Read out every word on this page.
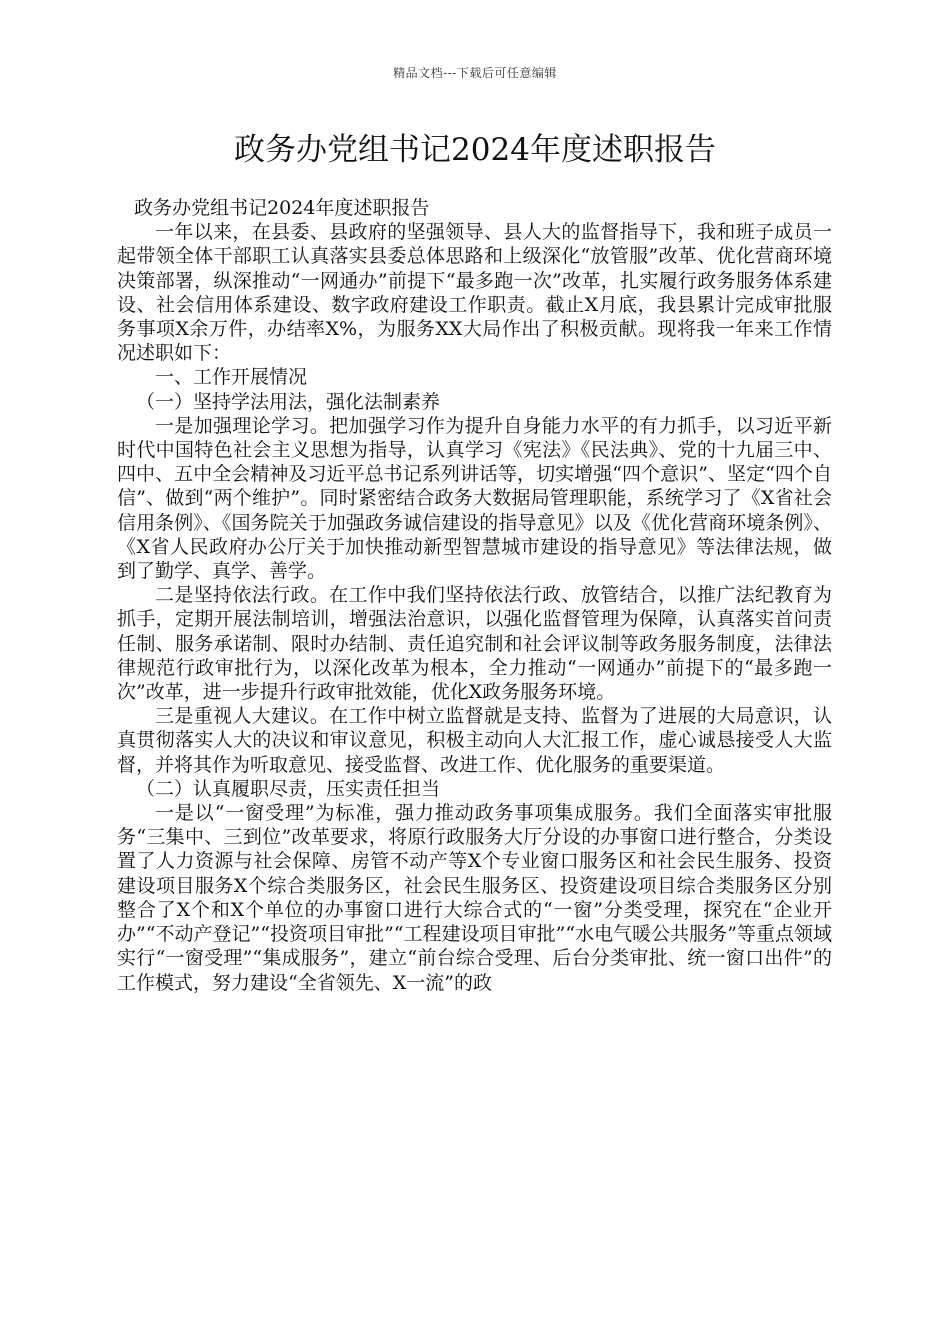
精品文档---下载后可任意编辑
政务办党组书记2024年度述职报告

政务办党组书记2024年度述职报告

一年以来，在县委、县政府的坚强领导、县人大的监督指导下，我和班子成员一起带领全体干部职工认真落实县委总体思路和上级深化“放管服”改革、优化营商环境决策部署，纵深推动“一网通办”前提下“最多跑一次”改革，扎实履行政务服务体系建设、社会信用体系建设、数字政府建设工作职责。截止X月底，我县累计完成审批服务事项X余万件，办结率X%，为服务XX大局作出了积极贡献。现将我一年来工作情况述职如下：

一、工作开展情况

（一）坚持学法用法，强化法制素养

一是加强理论学习。把加强学习作为提升自身能力水平的有力抓手，以习近平新时代中国特色社会主义思想为指导，认真学习《宪法》《民法典》、党的十九届三中、四中、五中全会精神及习近平总书记系列讲话等，切实增强“四个意识”、坚定“四个自信”、做到“两个维护”。同时紧密结合政务大数据局管理职能，系统学习了《X省社会信用条例》、《国务院关于加强政务诚信建设的指导意见》以及《优化营商环境条例》、《X省人民政府办公厅关于加快推动新型智慧城市建设的指导意见》等法律法规，做到了勤学、真学、善学。

二是坚持依法行政。在工作中我们坚持依法行政、放管结合，以推广法纪教育为抓手，定期开展法制培训，增强法治意识，以强化监督管理为保障，认真落实首问责任制、服务承诺制、限时办结制、责任追究制和社会评议制等政务服务制度，法律法律规范行政审批行为，以深化改革为根本，全力推动“一网通办”前提下的“最多跑一次”改革，进一步提升行政审批效能，优化X政务服务环境。

三是重视人大建议。在工作中树立监督就是支持、监督为了进展的大局意识，认真贯彻落实人大的决议和审议意见，积极主动向人大汇报工作，虚心诚恳接受人大监督，并将其作为听取意见、接受监督、改进工作、优化服务的重要渠道。

（二）认真履职尽责，压实责任担当

一是以“一窗受理”为标准，强力推动政务事项集成服务。我们全面落实审批服务“三集中、三到位”改革要求，将原行政服务大厅分设的办事窗口进行整合，分类设置了人力资源与社会保障、房管不动产等X个专业窗口服务区和社会民生服务、投资建设项目服务X个综合类服务区，社会民生服务区、投资建设项目综合类服务区分别整合了X个和X个单位的办事窗口进行大综合式的“一窗”分类受理，探究在“企业开办”“不动产登记”“投资项目审批”“工程建设项目审批”“水电气暖公共服务”等重点领域实行“一窗受理”“集成服务”，建立“前台综合受理、后台分类审批、统一窗口出件”的工作模式，努力建设“全省领先、X一流”的政
